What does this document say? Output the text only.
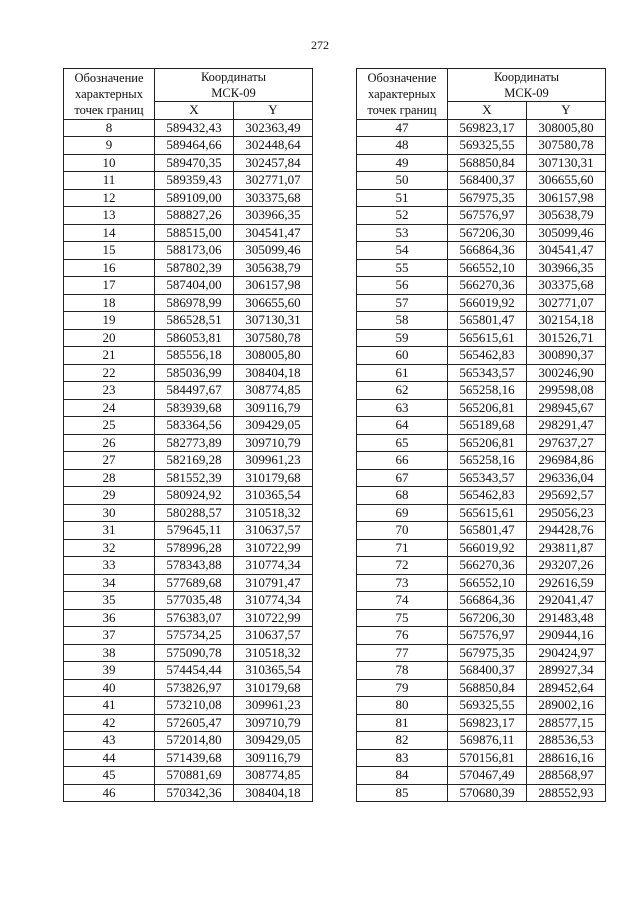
272
Обозначение
характерных
точек границ	Координаты
МСК-09	

	X	Y
8	589432,43	302363,49
9	589464,66	302448,64
10	589470,35	302457,84
11	589359,43	302771,07
12	589109,00	303375,68
13	588827,26	303966,35
14	588515,00	304541,47
15	588173,06	305099,46
16	587802,39	305638,79
17	587404,00	306157,98
18	586978,99	306655,60
19	586528,51	307130,31
20	586053,81	307580,78
21	585556,18	308005,80
22	585036,99	308404,18
23	584497,67	308774,85
24	583939,68	309116,79
25	583364,56	309429,05
26	582773,89	309710,79
27	582169,28	309961,23
28	581552,39	310179,68
29	580924,92	310365,54
30	580288,57	310518,32
31	579645,11	310637,57
32	578996,28	310722,99
33	578343,88	310774,34
34	577689,68	310791,47
35	577035,48	310774,34
36	576383,07	310722,99
37	575734,25	310637,57
38	575090,78	310518,32
39	574454,44	310365,54
40	573826,97	310179,68
41	573210,08	309961,23
42	572605,47	309710,79
43	572014,80	309429,05
44	571439,68	309116,79
45	570881,69	308774,85
46	570342,36	308404,18
Обозначение
характерных
точек границ	Координаты
МСК-09	

	X	Y
47	569823,17	308005,80
48	569325,55	307580,78
49	568850,84	307130,31
50	568400,37	306655,60
51	567975,35	306157,98
52	567576,97	305638,79
53	567206,30	305099,46
54	566864,36	304541,47
55	566552,10	303966,35
56	566270,36	303375,68
57	566019,92	302771,07
58	565801,47	302154,18
59	565615,61	301526,71
60	565462,83	300890,37
61	565343,57	300246,90
62	565258,16	299598,08
63	565206,81	298945,67
64	565189,68	298291,47
65	565206,81	297637,27
66	565258,16	296984,86
67	565343,57	296336,04
68	565462,83	295692,57
69	565615,61	295056,23
70	565801,47	294428,76
71	566019,92	293811,87
72	566270,36	293207,26
73	566552,10	292616,59
74	566864,36	292041,47
75	567206,30	291483,48
76	567576,97	290944,16
77	567975,35	290424,97
78	568400,37	289927,34
79	568850,84	289452,64
80	569325,55	289002,16
81	569823,17	288577,15
82	569876,11	288536,53
83	570156,81	288616,16
84	570467,49	288568,97
85	570680,39	288552,93
